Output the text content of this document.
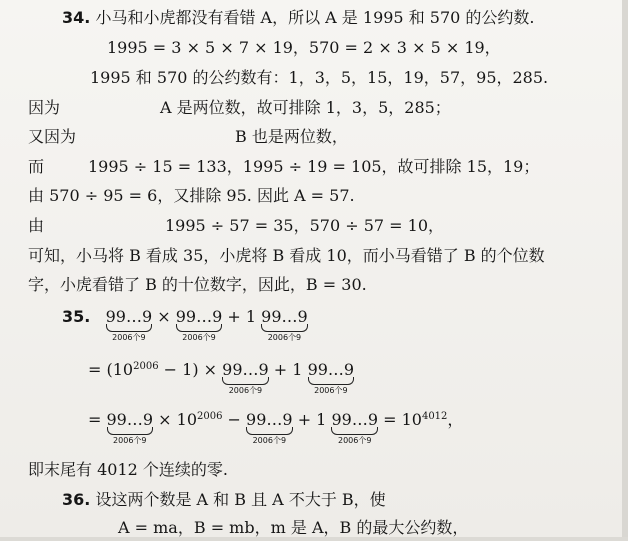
34. 小马和小虎都没有看错 A，所以 A 是 1995 和 570 的公约数.
1995 = 3 × 5 × 7 × 19，570 = 2 × 3 × 5 × 19，
1995 和 570 的公约数有：1，3，5，15，19，57，95，285.
因为	A 是两位数，故可排除 1，3，5，285；
又因为	B 也是两位数，
而	1995 ÷ 15 = 133，1995 ÷ 19 = 105，故可排除 15，19；
由 570 ÷ 95 = 6，又排除 95. 因此 A = 57.
由	1995 ÷ 57 = 35，570 ÷ 57 = 10，
可知，小马将 B 看成 35，小虎将 B 看成 10，而小马看错了 B 的个位数
字，小虎看错了 B 的十位数字，因此，B = 30.
35. 99…9
2006个9
× 99…9
2006个9
+ 1 99…9
2006个9
= $(10^{2006} - 1)$ × 99…9
2006个9
+ 1 99…9
2006个9
= 99…9
2006个9
× $10^{2006}$ − 99…9
2006个9
+ 1 99…9
2006个9
= $10^{4012}$，
即末尾有 4012 个连续的零.
36. 设这两个数是 A 和 B 且 A 不大于 B，使
A = ma，B = mb，m 是 A，B 的最大公约数，
